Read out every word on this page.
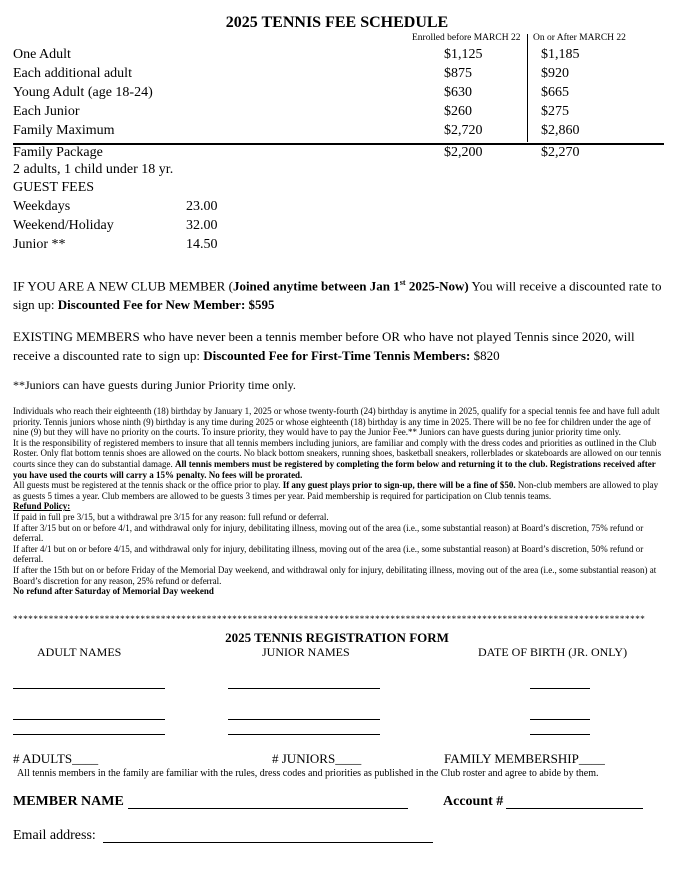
2025 TENNIS FEE SCHEDULE
Enrolled before MARCH 22 On or After MARCH 22
One Adult	$1,125	$1,185
Each additional adult	$875	$920
Young Adult (age 18-24)	$630	$665
Each Junior	$260	$275
Family Maximum	$2,720	$2,860
Family Package	$2,200	$2,270
2 adults, 1 child under 18 yr.
GUEST FEES
Weekdays	23.00
Weekend/Holiday	32.00
Junior **	14.50
IF YOU ARE A NEW CLUB MEMBER (Joined anytime between Jan 1st 2025-Now) You will receive a discounted rate to sign up: Discounted Fee for New Member: $595
EXISTING MEMBERS who have never been a tennis member before OR who have not played Tennis since 2020, will receive a discounted rate to sign up: Discounted Fee for First-Time Tennis Members: $820
**Juniors can have guests during Junior Priority time only.
Individuals who reach their eighteenth (18) birthday by January 1, 2025 or whose twenty-fourth (24) birthday is anytime in 2025, qualify for a special tennis fee and have full adult priority. Tennis juniors whose ninth (9) birthday is any time during 2025 or whose eighteenth (18) birthday is any time in 2025. There will be no fee for children under the age of nine (9) but they will have no priority on the courts. To insure priority, they would have to pay the Junior Fee.** Juniors can have guests during junior priority time only.
It is the responsibility of registered members to insure that all tennis members including juniors, are familiar and comply with the dress codes and priorities as outlined in the Club Roster. Only flat bottom tennis shoes are allowed on the courts. No black bottom sneakers, running shoes, basketball sneakers, rollerblades or skateboards are allowed on our tennis courts since they can do substantial damage. All tennis members must be registered by completing the form below and returning it to the club. Registrations received after you have used the courts will carry a 15% penalty. No fees will be prorated.
All guests must be registered at the tennis shack or the office prior to play. If any guest plays prior to sign-up, there will be a fine of $50. Non-club members are allowed to play as guests 5 times a year. Club members are allowed to be guests 3 times per year. Paid membership is required for participation on Club tennis teams.
Refund Policy:
If paid in full pre 3/15, but a withdrawal pre 3/15 for any reason: full refund or deferral.
If after 3/15 but on or before 4/1, and withdrawal only for injury, debilitating illness, moving out of the area (i.e., some substantial reason) at Board’s discretion, 75% refund or deferral.
If after 4/1 but on or before 4/15, and withdrawal only for injury, debilitating illness, moving out of the area (i.e., some substantial reason) at Board’s discretion, 50% refund or deferral.
If after the 15th but on or before Friday of the Memorial Day weekend, and withdrawal only for injury, debilitating illness, moving out of the area (i.e., some substantial reason) at Board’s discretion for any reason, 25% refund or deferral.
No refund after Saturday of Memorial Day weekend
****************************************************************************************************************************
2025 TENNIS REGISTRATION FORM
ADULT NAMES	JUNIOR NAMES	DATE OF BIRTH (JR. ONLY)
# ADULTS____	# JUNIORS____	FAMILY MEMBERSHIP____
All tennis members in the family are familiar with the rules, dress codes and priorities as published in the Club roster and agree to abide by them.
MEMBER NAME	Account #
Email address:
